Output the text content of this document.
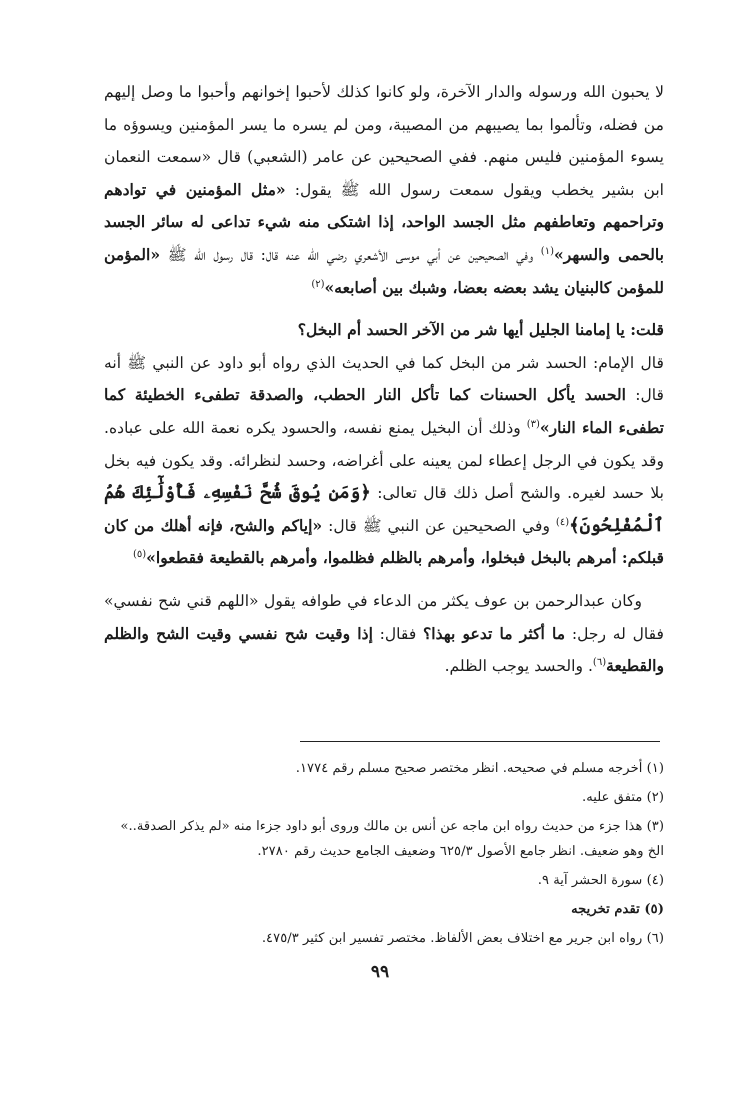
لا يحبون الله ورسوله والدار الآخرة، ولو كانوا كذلك لأحبوا إخوانهم وأحبوا ما وصل إليهم من فضله، وتألموا بما يصيبهم من المصيبة، ومن لم يسره ما يسر المؤمنين ويسوؤه ما يسوء المؤمنين فليس منهم. ففي الصحيحين عن عامر (الشعبي) قال «سمعت النعمان ابن بشير يخطب ويقول سمعت رسول الله ﷺ يقول: «مثل المؤمنين في توادهم وتراحمهم وتعاطفهم مثل الجسد الواحد، إذا اشتكى منه شيء تداعى له سائر الجسد بالحمى والسهر»$^{(١)}$ وفي الصحيحين عن أبي موسى الأشعري رضي الله عنه قال: قال رسول الله ﷺ «المؤمن للمؤمن كالبنيان يشد بعضه بعضا، وشبك بين أصابعه»$^{(٢)}$

قلت: يا إمامنا الجليل أيها شر من الآخر الحسد أم البخل؟

قال الإمام: الحسد شر من البخل كما في الحديث الذي رواه أبو داود عن النبي ﷺ أنه قال: الحسد يأكل الحسنات كما تأكل النار الحطب، والصدقة تطفىء الخطيئة كما تطفىء الماء النار»$^{(٣)}$ وذلك أن البخيل يمنع نفسه، والحسود يكره نعمة الله على عباده. وقد يكون في الرجل إعطاء لمن يعينه على أغراضه، وحسد لنظرائه. وقد يكون فيه بخل بلا حسد لغيره. والشح أصل ذلك قال تعالى: ﴿وَمَن يُوقَ شُحَّ نَفْسِهِۦ فَأُوْلَٰٓئِكَ هُمُ ٱلْمُفْلِحُونَ﴾$^{(٤)}$ وفي الصحيحين عن النبي ﷺ قال: «إياكم والشح، فإنه أهلك من كان قبلكم: أمرهم بالبخل فبخلوا، وأمرهم بالظلم فظلموا، وأمرهم بالقطيعة فقطعوا»$^{(٥)}$

وكان عبدالرحمن بن عوف يكثر من الدعاء في طوافه يقول «اللهم قني شح نفسي» فقال له رجل: ما أكثر ما تدعو بهذا؟ فقال: إذا وقيت شح نفسي وقيت الشح والظلم والقطيعة$^{(٦)}$. والحسد يوجب الظلم.

(١) أخرجه مسلم في صحيحه. انظر مختصر صحيح مسلم رقم ١٧٧٤.

(٢) متفق عليه.

(٣) هذا جزء من حديث رواه ابن ماجه عن أنس بن مالك وروى أبو داود جزءا منه «لم يذكر الصدقة..» الخ وهو ضعيف. انظر جامع الأصول ٦٢٥/٣ وضعيف الجامع حديث رقم ٢٧٨٠.

(٤) سورة الحشر آية ٩.

(٥) تقدم تخريجه

(٦) رواه ابن جرير مع اختلاف بعض الألفاظ. مختصر تفسير ابن كثير ٤٧٥/٣.

٩٩
